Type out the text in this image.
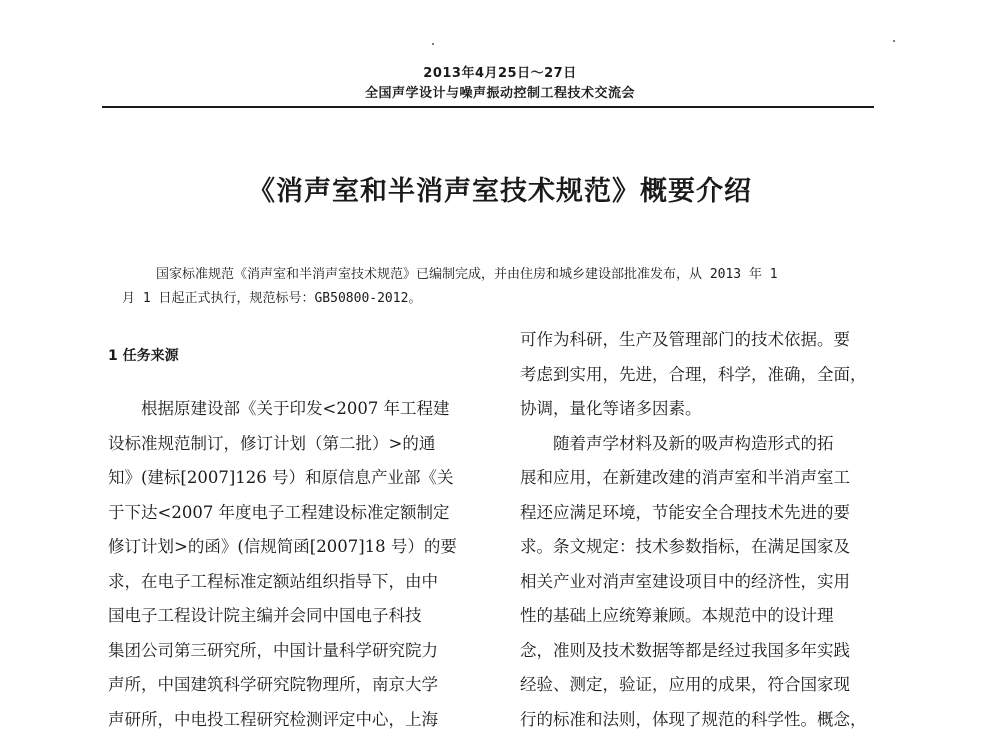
2013年4月25日～27日
全国声学设计与噪声振动控制工程技术交流会
《消声室和半消声室技术规范》概要介绍

国家标准规范《消声室和半消声室技术规范》已编制完成，并由住房和城乡建设部批准发布，从 2013 年 1

月 1 日起正式执行，规范标号：GB50800-2012。
1 任务来源

根据原建设部《关于印发<2007 年工程建

设标准规范制订，修订计划（第二批）>的通
知》(建标[2007]126 号）和原信息产业部《关
于下达<2007 年度电子工程建设标准定额制定
修订计划>的函》(信规简函[2007]18 号）的要
求，在电子工程标准定额站组织指导下，由中
国电子工程设计院主编并会同中国电子科技
集团公司第三研究所，中国计量科学研究院力
声所，中国建筑科学研究院物理所，南京大学
声研所，中电投工程研究检测评定中心，上海
可作为科研，生产及管理部门的技术依据。要
考虑到实用，先进，合理，科学，准确，全面，
协调，量化等诸多因素。

随着声学材料及新的吸声构造形式的拓

展和应用，在新建改建的消声室和半消声室工
程还应满足环境，节能安全合理技术先进的要
求。条文规定：技术参数指标，在满足国家及
相关产业对消声室建设项目中的经济性，实用
性的基础上应统筹兼顾。本规范中的设计理
念，准则及技术数据等都是经过我国多年实践
经验、测定，验证，应用的成果，符合国家现
行的标准和法则，体现了规范的科学性。概念，
